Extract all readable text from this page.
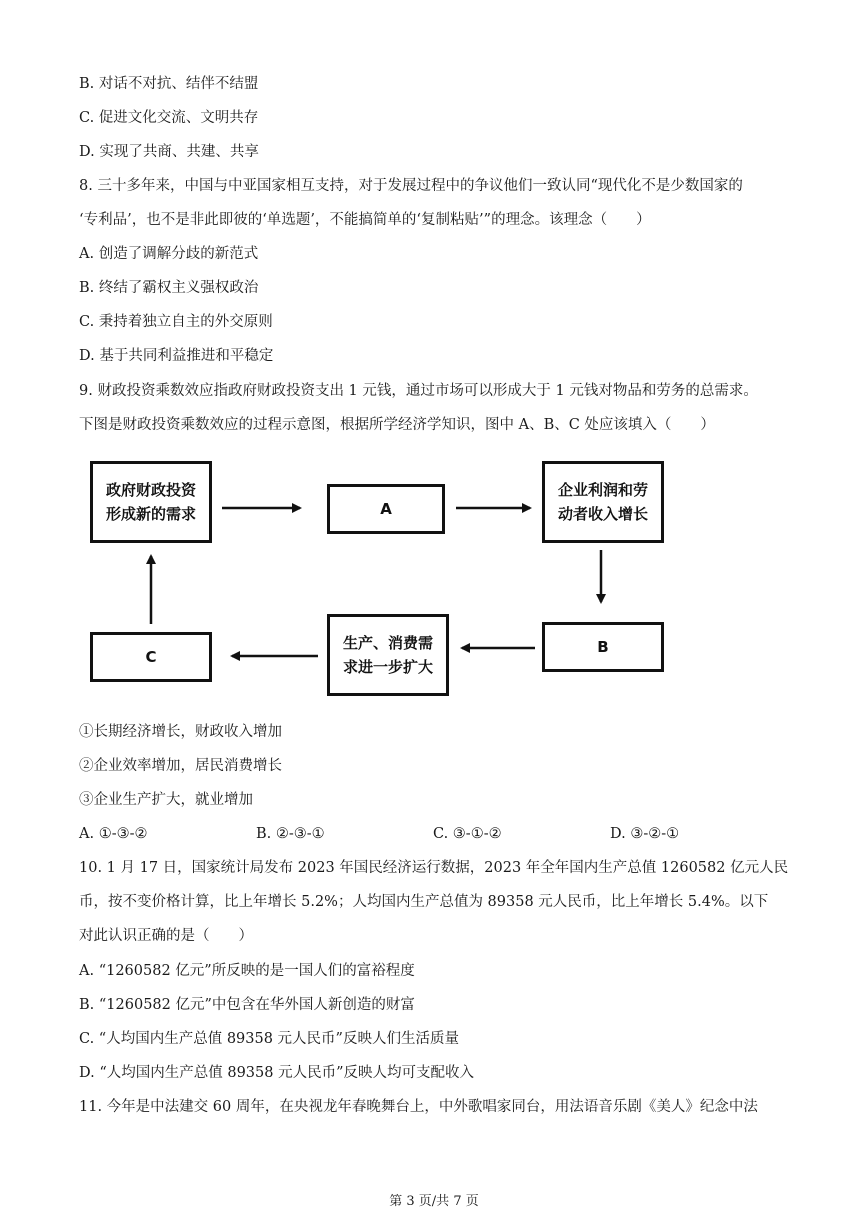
B. 对话不对抗、结伴不结盟
C. 促进文化交流、文明共存
D. 实现了共商、共建、共享
8. 三十多年来，中国与中亚国家相互支持，对于发展过程中的争议他们一致认同“现代化不是少数国家的
‘专利品’，也不是非此即彼的‘单选题’，不能搞简单的‘复制粘贴’”的理念。该理念（　　）
A. 创造了调解分歧的新范式
B. 终结了霸权主义强权政治
C. 秉持着独立自主的外交原则
D. 基于共同利益推进和平稳定
9. 财政投资乘数效应指政府财政投资支出 1 元钱，通过市场可以形成大于 1 元钱对物品和劳务的总需求。
下图是财政投资乘数效应的过程示意图，根据所学经济学知识，图中 A、B、C 处应该填入（　　）
政府财政投资
形成新的需求	A
企业利润和劳
动者收入增长
B
生产、消费需
求进一步扩大
C
①长期经济增长，财政收入增加
②企业效率增加，居民消费增长
③企业生产扩大，就业增加
A. ①-③-②	B. ②-③-①	C. ③-①-②	D. ③-②-①
10. 1 月 17 日，国家统计局发布 2023 年国民经济运行数据，2023 年全年国内生产总值 1260582 亿元人民
币，按不变价格计算，比上年增长 5.2%；人均国内生产总值为 89358 元人民币，比上年增长 5.4%。以下
对此认识正确的是（　　）
A. “1260582 亿元”所反映的是一国人们的富裕程度
B. “1260582 亿元”中包含在华外国人新创造的财富
C. “人均国内生产总值 89358 元人民币”反映人们生活质量
D. “人均国内生产总值 89358 元人民币”反映人均可支配收入
11. 今年是中法建交 60 周年，在央视龙年春晚舞台上，中外歌唱家同台，用法语音乐剧《美人》纪念中法
第 3 页/共 7 页
